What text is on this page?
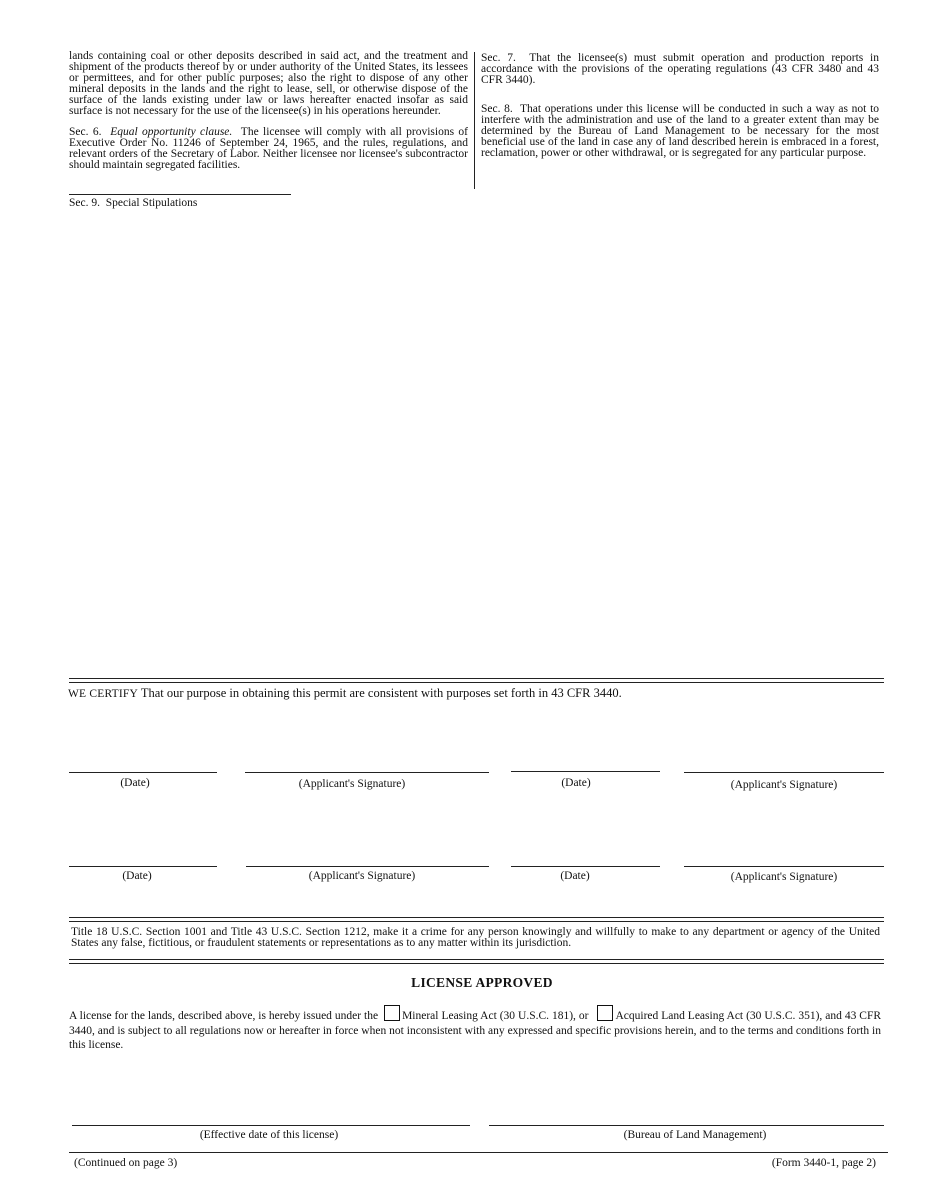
lands containing coal or other deposits described in said act, and the treatment and shipment of the products thereof by or under authority of the United States, its lessees or permittees, and for other public purposes; also the right to dispose of any other mineral deposits in the lands and the right to lease, sell, or otherwise dispose of the surface of the lands existing under law or laws hereafter enacted insofar as said surface is not necessary for the use of the licensee(s) in his operations hereunder.

Sec. 6. Equal opportunity clause. The licensee will comply with all provisions of Executive Order No. 11246 of September 24, 1965, and the rules, regulations, and relevant orders of the Secretary of Labor. Neither licensee nor licensee's subcontractor should maintain segregated facilities.

Sec. 7. That the licensee(s) must submit operation and production reports in accordance with the provisions of the operating regulations (43 CFR 3480 and 43 CFR 3440).

Sec. 8. That operations under this license will be conducted in such a way as not to interfere with the administration and use of the land to a greater extent than may be determined by the Bureau of Land Management to be necessary for the most beneficial use of the land in case any of land described herein is embraced in a forest, reclamation, power or other withdrawal, or is segregated for any particular purpose.

Sec. 9. Special Stipulations
WE CERTIFY That our purpose in obtaining this permit are consistent with purposes set forth in 43 CFR 3440.
(Date)	(Applicant's Signature)	(Date)	(Applicant's Signature)
(Date)	(Applicant's Signature)	(Date)	(Applicant's Signature)
Title 18 U.S.C. Section 1001 and Title 43 U.S.C. Section 1212, make it a crime for any person knowingly and willfully to make to any department or agency of the United States any false, fictitious, or fraudulent statements or representations as to any matter within its jurisdiction.
LICENSE APPROVED
A license for the lands, described above, is hereby issued under the Mineral Leasing Act (30 U.S.C. 181), or Acquired Land Leasing Act (30 U.S.C. 351), and 43 CFR 3440, and is subject to all regulations now or hereafter in force when not inconsistent with any expressed and specific provisions herein, and to the terms and conditions forth in this license.
(Effective date of this license)	(Bureau of Land Management)
(Continued on page 3)	(Form 3440-1, page 2)
